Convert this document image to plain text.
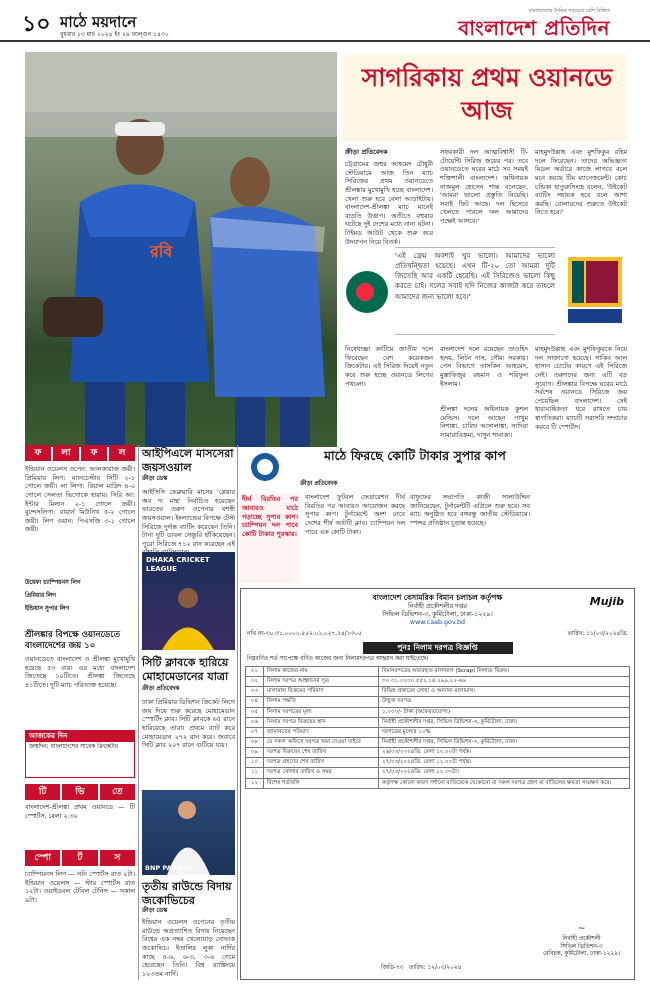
১০ মাঠে ময়দানে
বুধবার ১৩ মার্চ ২০২৪ ইং ২৯ ফাল্গুন ১৪৩০
বাংলাদেশের দৈনিক সবচেয়ে বেশি বিক্রিত
বাংলাদেশ প্রতিদিন
রবি
সাগরিকায় প্রথম ওয়ানডে আজ
ক্রীড়া প্রতিবেদক
চট্টগ্রামের জহুর আহমেদ চৌধুরী স্টেডিয়ামে আজ তিন ম্যাচ সিরিজের প্রথম ওয়ানডেতে শ্রীলঙ্কার মুখোমুখি হচ্ছে বাংলাদেশ। খেলা শুরু হবে বেলা আড়াইটায়। বাংলাদেশ-শ্রীলঙ্কা ম্যাচ মানেই বাড়তি উত্তাপ। অতীতে বহুবার ঘটেছে দুই দেশের মধ্যে নানা ঘটনা। টাইমড আউট থেকে শুরু করে উদযাপন নিয়ে বিতর্ক।
সফরকারী দল আত্মবিশ্বাসী টি-টোয়েন্টি সিরিজ জয়ের পর। তবে ওয়ানডেতে ঘরের মাঠে সব সময়ই শক্তিশালী বাংলাদেশ। অধিনায়ক নাজমুল হোসেন শান্ত বলেছেন, 'আমরা ভালো প্রস্তুতি নিয়েছি। সবাই ফিট আছে। দল হিসেবে খেলতে পারলে ফল আমাদের পক্ষেই আসবে।'
মাহমুদউল্লাহ এবং মুশফিকুর রহিম দলে ফিরেছেন। তাদের অভিজ্ঞতা মিডল অর্ডারে কাজে লাগবে বলে মনে করছে টিম ম্যানেজমেন্ট। কোচ চন্ডিকা হাতুরুসিংহে বলেন, 'উইকেট ব্যাটিং সহায়ক হবে বলে আশা করছি। বোলারদের শুরুতে উইকেট নিতে হবে।'
'এই ফ্রেম অবশ্যই খুব ভালো। আমাদের ভালো প্রতিদ্বন্দ্বিতা হয়েছে। এখন টি-২০ তো আমরা দুটি জিতেছি আর একটি হেরেছি। এই সিরিজেও ভালো কিছু করতে চাই। দলের সবাই যদি নিজের কাজটা করে তাহলে আমাদের জন্য ভালো হবে।'
মাহমুদউল্লাহ এবং মুশফিকুরকে নিয়ে দল সাজানো হয়েছে। সাকিব আল হাসান চোটের কারণে এই সিরিজে নেই। তরুণদের জন্য এটি বড় সুযোগ। শ্রীলঙ্কার বিপক্ষে ঘরের মাঠে সর্বশেষ ওয়ানডে সিরিজে জয় পেয়েছিল বাংলাদেশ। সেই ধারাবাহিকতা ধরে রাখতে চায় স্বাগতিকরা। ম্যাচটি সরাসরি সম্প্রচার করবে টি স্পোর্টস।
নিষেধাজ্ঞা কাটিয়ে জাতীয় দলে ফিরেছেন বেশ কয়েকজন ক্রিকেটার। এই সিরিজ দিয়েই নতুন করে শুরু হচ্ছে ওয়ানডে লিগের পথচলা।
বাংলাদেশ দলে রয়েছেন তাওহিদ হৃদয়, লিটন দাস, সৌম্য সরকার। পেস বিভাগে তাসকিন আহমেদ, মুস্তাফিজুর রহমান ও শরিফুল ইসলাম।
শ্রীলঙ্কা দলের অধিনায়ক কুশল মেন্ডিস। দলে আছেন পাথুম নিশাঙ্কা, চারিথ আসালাঙ্কা, সাদিরা সামারাবিক্রমা, দাসুন শানাকা।
ফ	লা	ফ	ল
ইন্ডিয়ান ওয়েলস ওপেন: আলকারাজ জয়ী। প্রিমিয়ার লিগ: ম্যানচেস্টার সিটি ২-১ গোলে জয়ী। লা লিগা: রিয়াল মাদ্রিদ ৪-০ গোলে সেলতা ভিগোকে হারায়। সিরি আ: ইন্টার মিলান ২-১ গোলে জয়ী। বুন্দেসলিগা: বায়ার্ন মিউনিখ ৫-২ গোলে জয়ী। লিগ ওয়ান: পিএসজি ৩-১ গোলে জয়ী।
উয়েফা চ্যাম্পিয়নস লিগ
প্রিমিয়ার লিগ
ইন্ডিয়ান সুপার লিগ
শ্রীলঙ্কার বিপক্ষে ওয়ানডেতে বাংলাদেশের জয় ১০
ওয়ানডেতে বাংলাদেশ ও শ্রীলঙ্কা মুখোমুখি হয়েছে ৫৩ বার। এর মধ্যে বাংলাদেশ জিতেছে ১০টিতে। শ্রীলঙ্কা জিতেছে ৪১টিতে। দুটি ম্যাচ পরিত্যক্ত হয়েছে।
আজকের দিন
জন্মদিন: বাংলাদেশের সাবেক ক্রিকেটার
টি	ভি	তে
বাংলাদেশ-শ্রীলঙ্কা প্রথম ওয়ানডে — টি স্পোর্টস, বেলা ২.৩০
স্পো	র্ট	স
চ্যাম্পিয়নস লিগ — সনি স্পোর্টস রাত ২টা। ইন্ডিয়ান ওয়েলস — স্টার স্পোর্টস রাত ১২টা। ওয়াইডবল টেবিল টেনিস — সকাল ৯টা।
আইপিএলে মাসসেরা জয়সওয়াল
ক্রীড়া ডেস্ক
আইসিসি ফেব্রুয়ারি মাসের 'প্লেয়ার অব দ্য মান্থ' নির্বাচিত হয়েছেন ভারতের তরুণ ওপেনার যশস্বী জয়সওয়াল। ইংল্যান্ডের বিপক্ষে টেস্ট সিরিজে দুর্দান্ত ব্যাটিং করেছেন তিনি। টানা দুটি ডাবল সেঞ্চুরি হাঁকিয়েছেন। পুরো সিরিজে ৭১২ রান করেছেন এই
DHAKA CRICKET LEAGUE
সিটি ক্লাবকে হারিয়ে মোহামেডানের যাত্রা
ক্রীড়া প্রতিবেদক
ঢাকা প্রিমিয়ার ডিভিশন ক্রিকেট লিগে জয় দিয়ে শুরু করেছে মোহামেডান স্পোর্টিং ক্লাব। সিটি ক্লাবকে ৬৫ রানে হারিয়েছে তারা। প্রথমে ব্যাট করে মোহামেডান ২৭২ রান করে। জবাবে সিটি ক্লাব ২০৭ রানে গুটিয়ে যায়।
BNP PARIBAS
তৃতীয় রাউন্ডে বিদায় জকোভিচের
ক্রীড়া ডেস্ক
ইন্ডিয়ান ওয়েলস ওপেনের তৃতীয় রাউন্ডে অপ্রত্যাশিত বিদায় নিয়েছেন বিশ্বের এক নম্বর খেলোয়াড় নোভাক জকোভিচ। ইতালির লুকা নার্দির কাছে ৪-৬, ৬-৩, ৩-৬ গেমে হেরেছেন তিনি। বিশ্ব র‌্যাঙ্কিংয়ে ১২৩তম নার্দি।
মাঠে ফিরছে কোটি টাকার সুপার কাপ
ক্রীড়া প্রতিবেদক
দীর্ঘ বিরতির পর আবারও মাঠে গড়াচ্ছে সুপার কাপ। চ্যাম্পিয়ন দল পাবে কোটি টাকার পুরস্কার।
বাংলাদেশ ফুটবল ফেডারেশন দীর্ঘ বিরতির পর আবারও আয়োজন করছে সুপার কাপ। টুর্নামেন্টে অংশ নেবে দেশের শীর্ষ আটটি ক্লাব। চ্যাম্পিয়ন দল পাবে এক কোটি টাকা।
বাফুফের সভাপতি কাজী সালাউদ্দিন জানিয়েছেন, টুর্নামেন্টটি এপ্রিলে শুরু হবে। সব ম্যাচ অনুষ্ঠিত হবে বঙ্গবন্ধু জাতীয় স্টেডিয়ামে। স্পন্সর প্রতিষ্ঠান চূড়ান্ত হয়েছে।
বাংলাদেশ বেসামরিক বিমান চলাচল কর্তৃপক্ষ
নির্বাহী প্রকৌশলীর দপ্তর
সিভিল ডিভিশন-৩, কুর্মিটোলা, ঢাকা-১২২৯।
www.caab.gov.bd
Mujib
নথি নং-৩০.৩১.০০০০.৫৫২.০১.০২৭.২৪/১৩০৫	তারিখ: ১১/০৩/২০২৪খ্রি.
পুনঃ নিলাম দরপত্র বিজ্ঞপ্তি
নিম্নবর্ণিত শর্ত সাপেক্ষে বর্ণিত কাজের জন্য নিলামদরপত্র আহ্বান করা যাইতেছে।
০১	নিলাম কাজের নাম	বিমানবন্দরের অব্যবহৃত মালামাল (Scrap) নিলামে বিক্রয়।
০২	নিলাম দরপত্র আহ্বানের সূত্র	৩০.৩১.০০০০.৫৫২.১৪.২৯৯.২২-৬৬
০৩	মালামাল বিক্রয়ের পরিমাণ	বিভিন্ন প্রকারের লোহা ও অন্যান্য মালামাল।
০৪	নিলাম পদ্ধতি	উন্মুক্ত দরপত্র
০৫	নিলাম দরপত্রের মূল্য	১,০০০/- টাকা (অফেরতযোগ্য)
০৬	নিলাম দরপত্র বিক্রয়ের স্থান	নির্বাহী প্রকৌশলীর দপ্তর, সিভিল ডিভিশন-৩, কুর্মিটোলা, ঢাকা।
০৭	জামানতের পরিমাণ	দরপত্রের মূল্যের ১০%
০৮	যে সকল অফিসে দরপত্র জমা দেওয়া যাইবে	নির্বাহী প্রকৌশলীর দপ্তর, সিভিল ডিভিশন-৩, কুর্মিটোলা, ঢাকা।
০৯	দরপত্র বিক্রয়ের শেষ তারিখ	২৬/০৩/২০২৪খ্রি. বেলা ১২.০০টা পর্যন্ত।
১০	দরপত্র গ্রহণের শেষ তারিখ	২৭/০৩/২০২৪খ্রি. বেলা ১২.০০টা পর্যন্ত।
১১	দরপত্র খোলার তারিখ ও সময়	২৭/০৩/২০২৪খ্রি. বেলা ১২.৩০টা।
১২	বিশেষ শর্তাবলি	কর্তৃপক্ষ কোনো কারণ দর্শানো ব্যতিরেকে যেকোনো বা সকল দরপত্র গ্রহণ বা বাতিলের ক্ষমতা সংরক্ষণ করে।
~
নির্বাহী প্রকৌশলী
সিভিল ডিভিশন-৩
বেবিচক, কুর্মিটোলা, ঢাকা-১২২৯।
জিডি-৭৩ তারিখ: ১২/০৩/২০২৪
